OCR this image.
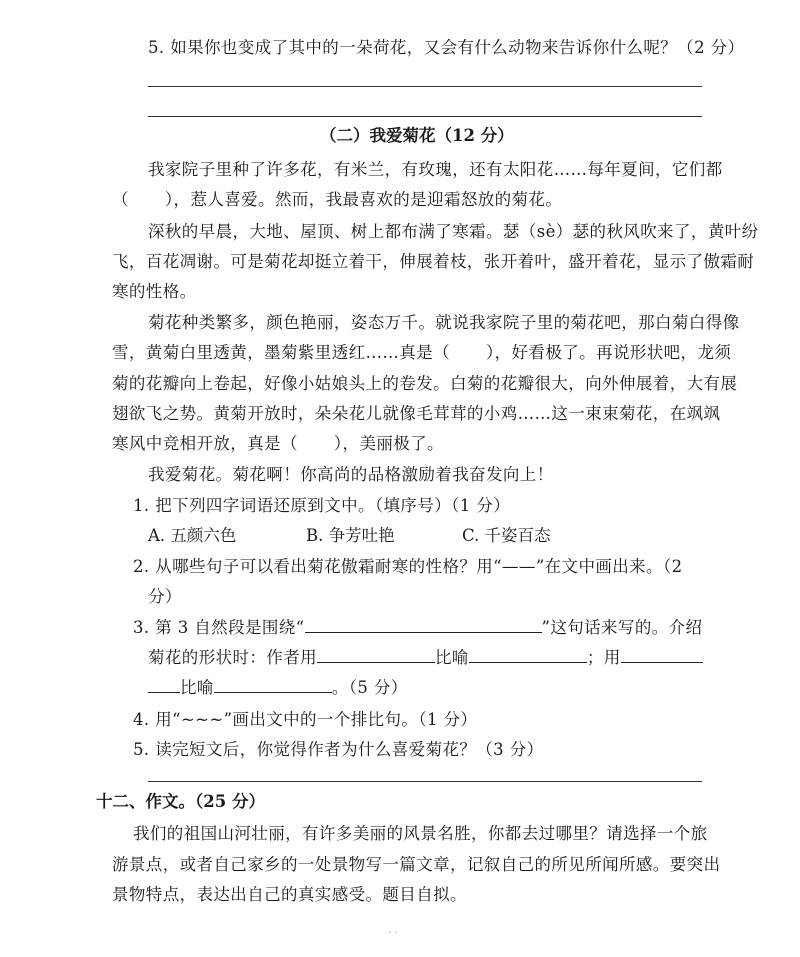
5. 如果你也变成了其中的一朵荷花，又会有什么动物来告诉你什么呢？（2 分）
（二）我爱菊花（12 分）
我家院子里种了许多花，有米兰，有玫瑰，还有太阳花……每年夏间，它们都
（ ），惹人喜爱。然而，我最喜欢的是迎霜怒放的菊花。
深秋的早晨，大地、屋顶、树上都布满了寒霜。瑟（sè）瑟的秋风吹来了，黄叶纷
飞，百花凋谢。可是菊花却挺立着干，伸展着枝，张开着叶，盛开着花，显示了傲霜耐
寒的性格。
菊花种类繁多，颜色艳丽，姿态万千。就说我家院子里的菊花吧，那白菊白得像
雪，黄菊白里透黄，墨菊紫里透红……真是（ ），好看极了。再说形状吧，龙须
菊的花瓣向上卷起，好像小姑娘头上的卷发。白菊的花瓣很大，向外伸展着，大有展
翅欲飞之势。黄菊开放时，朵朵花儿就像毛茸茸的小鸡……这一束束菊花，在飒飒
寒风中竞相开放，真是（ ），美丽极了。
我爱菊花。菊花啊！你高尚的品格激励着我奋发向上！
1. 把下列四字词语还原到文中。（填序号）（1 分）
A. 五颜六色	B. 争芳吐艳	C. 千姿百态
2. 从哪些句子可以看出菊花傲霜耐寒的性格？用“——”在文中画出来。（2
分）
3. 第 3 自然段是围绕“	”这句话来写的。介绍
菊花的形状时：作者用	比喻	；用
比喻	。（5 分）
4. 用“~~~”画出文中的一个排比句。（1 分）
5. 读完短文后，你觉得作者为什么喜爱菊花？（3 分）
十二、作文。（25 分）
我们的祖国山河壮丽，有许多美丽的风景名胜，你都去过哪里？请选择一个旅
游景点，或者自己家乡的一处景物写一篇文章，记叙自己的所见所闻所感。要突出
景物特点，表达出自己的真实感受。题目自拟。
· ·
